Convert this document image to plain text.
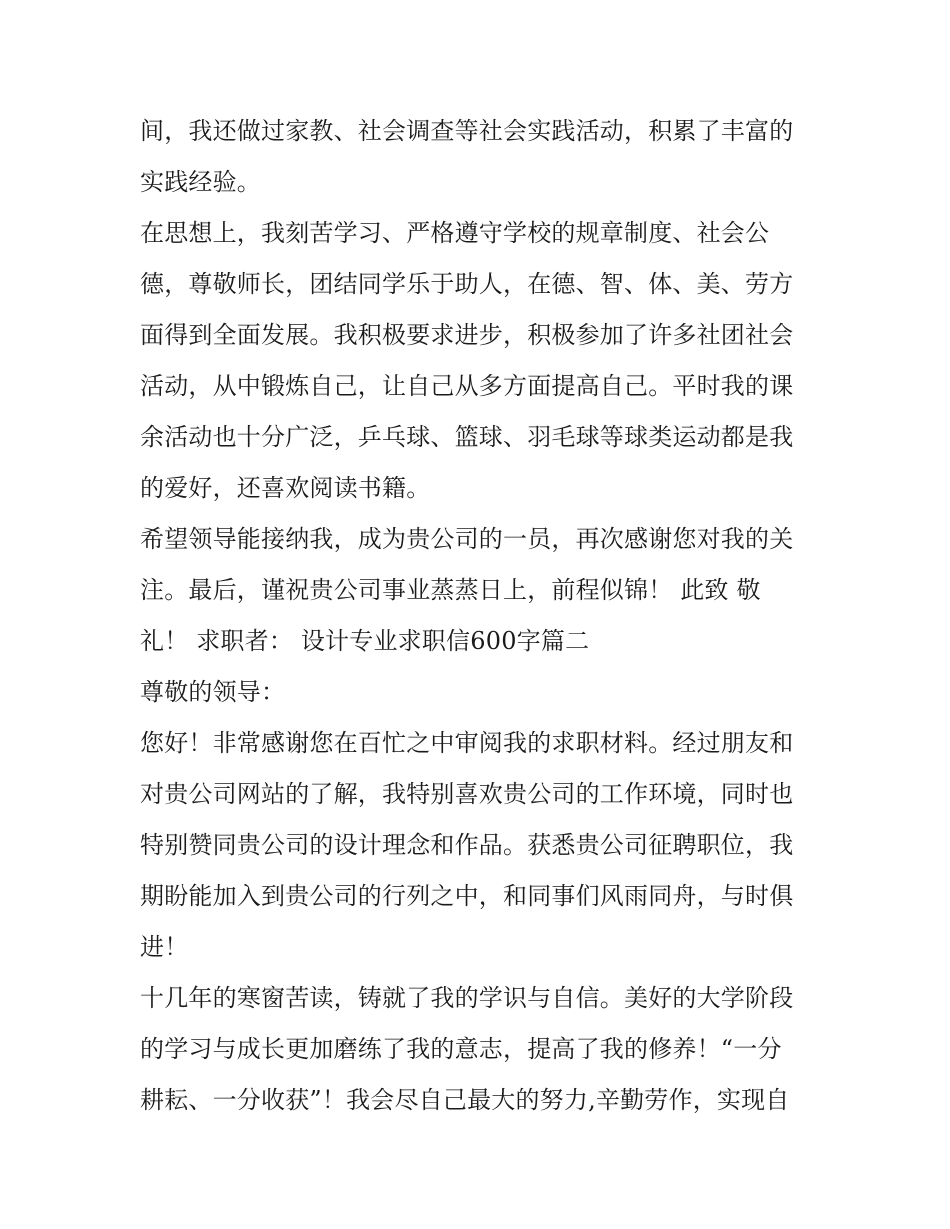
间，我还做过家教、社会调查等社会实践活动，积累了丰富的
实践经验。
在思想上，我刻苦学习、严格遵守学校的规章制度、社会公
德，尊敬师长，团结同学乐于助人，在德、智、体、美、劳方
面得到全面发展。我积极要求进步，积极参加了许多社团社会
活动，从中锻炼自己，让自己从多方面提高自己。平时我的课
余活动也十分广泛，乒乓球、篮球、羽毛球等球类运动都是我
的爱好，还喜欢阅读书籍。
希望领导能接纳我，成为贵公司的一员，再次感谢您对我的关
注。最后，谨祝贵公司事业蒸蒸日上，前程似锦！ 此致 敬
礼！ 求职者： 设计专业求职信600字篇二
尊敬的领导：
您好！非常感谢您在百忙之中审阅我的求职材料。经过朋友和
对贵公司网站的了解，我特别喜欢贵公司的工作环境，同时也
特别赞同贵公司的设计理念和作品。获悉贵公司征聘职位，我
期盼能加入到贵公司的行列之中，和同事们风雨同舟，与时俱
进！
十几年的寒窗苦读，铸就了我的学识与自信。美好的大学阶段
的学习与成长更加磨练了我的意志，提高了我的修养！“一分
耕耘、一分收获”！我会尽自己最大的努力,辛勤劳作，实现自
